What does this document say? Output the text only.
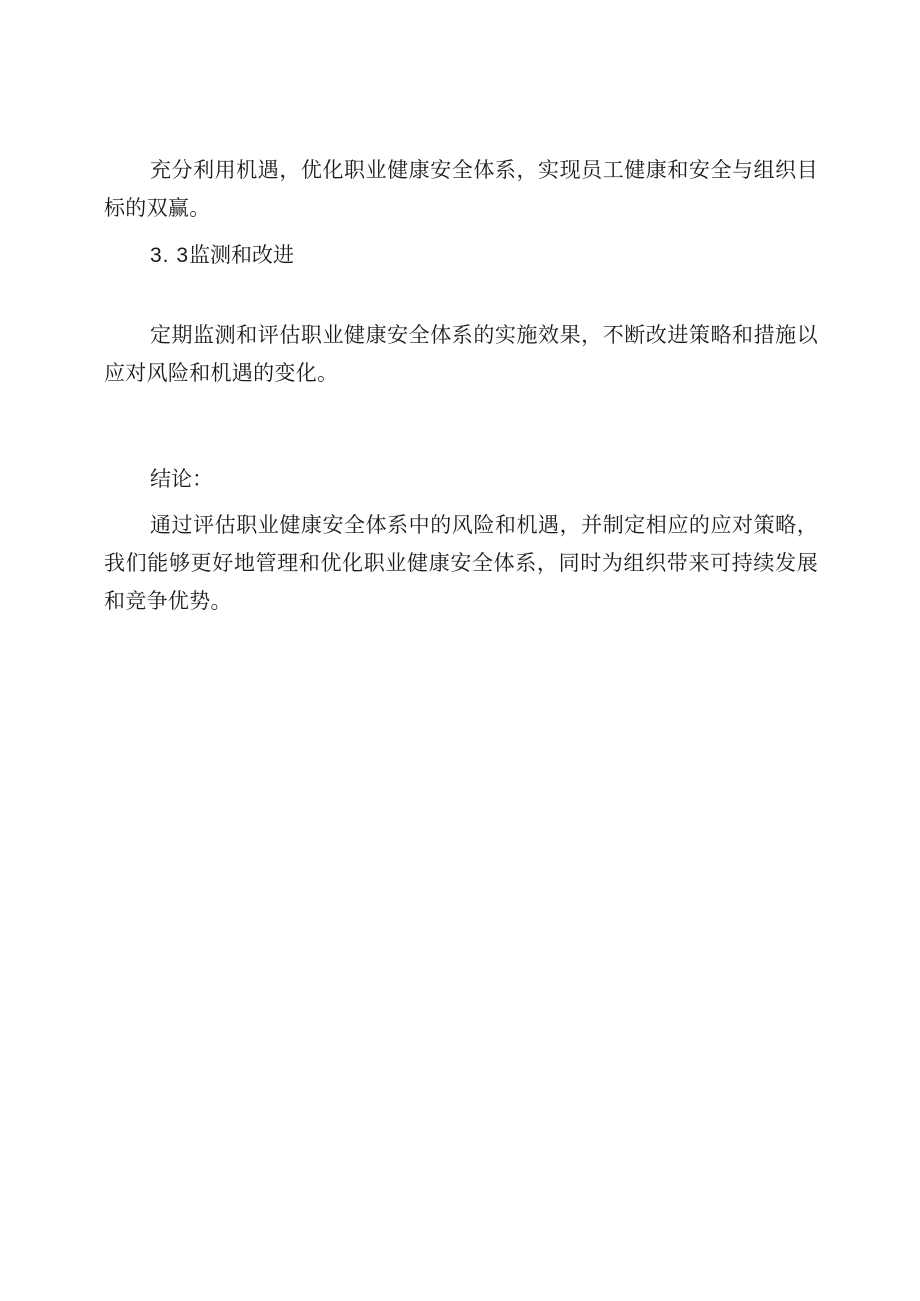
充分利用机遇，优化职业健康安全体系，实现员工健康和安全与组织目标的双赢。

3. 3监测和改进

定期监测和评估职业健康安全体系的实施效果，不断改进策略和措施以应对风险和机遇的变化。

结论：

通过评估职业健康安全体系中的风险和机遇，并制定相应的应对策略，我们能够更好地管理和优化职业健康安全体系，同时为组织带来可持续发展和竞争优势。
